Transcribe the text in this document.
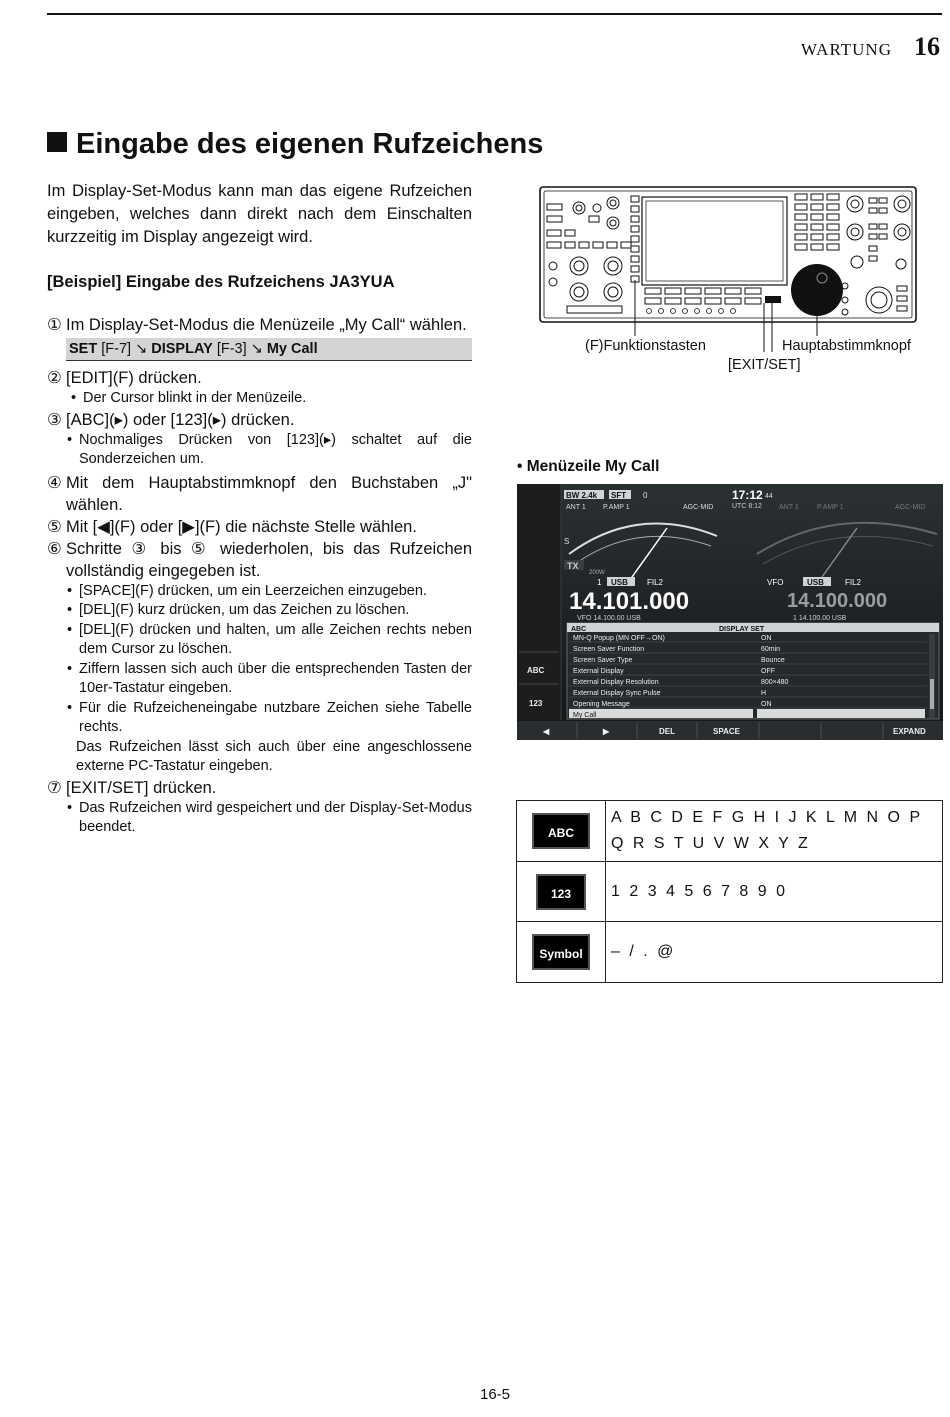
WARTUNG 16
Eingabe des eigenen Rufzeichens
Im Display-Set-Modus kann man das eigene Rufzeichen eingeben, welches dann direkt nach dem Einschalten kurzzeitig im Display angezeigt wird.
[Beispiel] Eingabe des Rufzeichens JA3YUA
① Im Display-Set-Modus die Menüzeile „My Call“ wählen.
SET [F-7] ↘ DISPLAY [F-3] ↘ My Call
② [EDIT](F) drücken.
• Der Cursor blinkt in der Menüzeile.
③ [ABC](▸) oder [123](▸) drücken.
• Nochmaliges Drücken von [123](▸) schaltet auf die Sonderzeichen um.
④ Mit dem Hauptabstimmknopf den Buchstaben „J" wählen.
⑤ Mit [◀](F) oder [▶](F) die nächste Stelle wählen.
⑥ Schritte ③ bis ⑤ wiederholen, bis das Rufzeichen vollständig eingegeben ist.
• [SPACE](F) drücken, um ein Leerzeichen einzugeben.
• [DEL](F) kurz drücken, um das Zeichen zu löschen.
• [DEL](F) drücken und halten, um alle Zeichen rechts neben dem Cursor zu löschen.
• Ziffern lassen sich auch über die entsprechenden Tasten der 10er-Tastatur eingeben.
• Für die Rufzeicheneingabe nutzbare Zeichen siehe Tabelle rechts.
Das Rufzeichen lässt sich auch über eine angeschlossene externe PC-Tastatur eingeben.
⑦ [EXIT/SET] drücken.
• Das Rufzeichen wird gespeichert und der Display-Set-Modus beendet.
(F)Funktionstasten	Hauptabstimmknopf
[EXIT/SET]
• Menüzeile My Call
BW 2.4k SFT 0	17:12 44
UTC 8:12
ANT 1 P.AMP 1	AGC-MID	ANT 1	P.AMP 1	AGC-MID
S
TX
200W
1 USB FIL2
14.101.000
VFO 14.100.00 USB
VFO	USB	FIL2
14.100.000
1 14.100.00 USB
ABC	DISPLAY SET
MN-Q Popup (MN OFF→ON)	ON
Screen Saver Function	60min
Screen Saver Type	Bounce
External Display	OFF
External Display Resolution	800×480
External Display Sync Pulse	H
Opening Message	ON
My Call
ABC
123
◀	▶	DEL	SPACE	EXPAND
ABC	A B C D E F G H I J K L M N O P Q R S T U V W X Y Z
123	1 2 3 4 5 6 7 8 9 0
Symbol	– / . @
16-5
